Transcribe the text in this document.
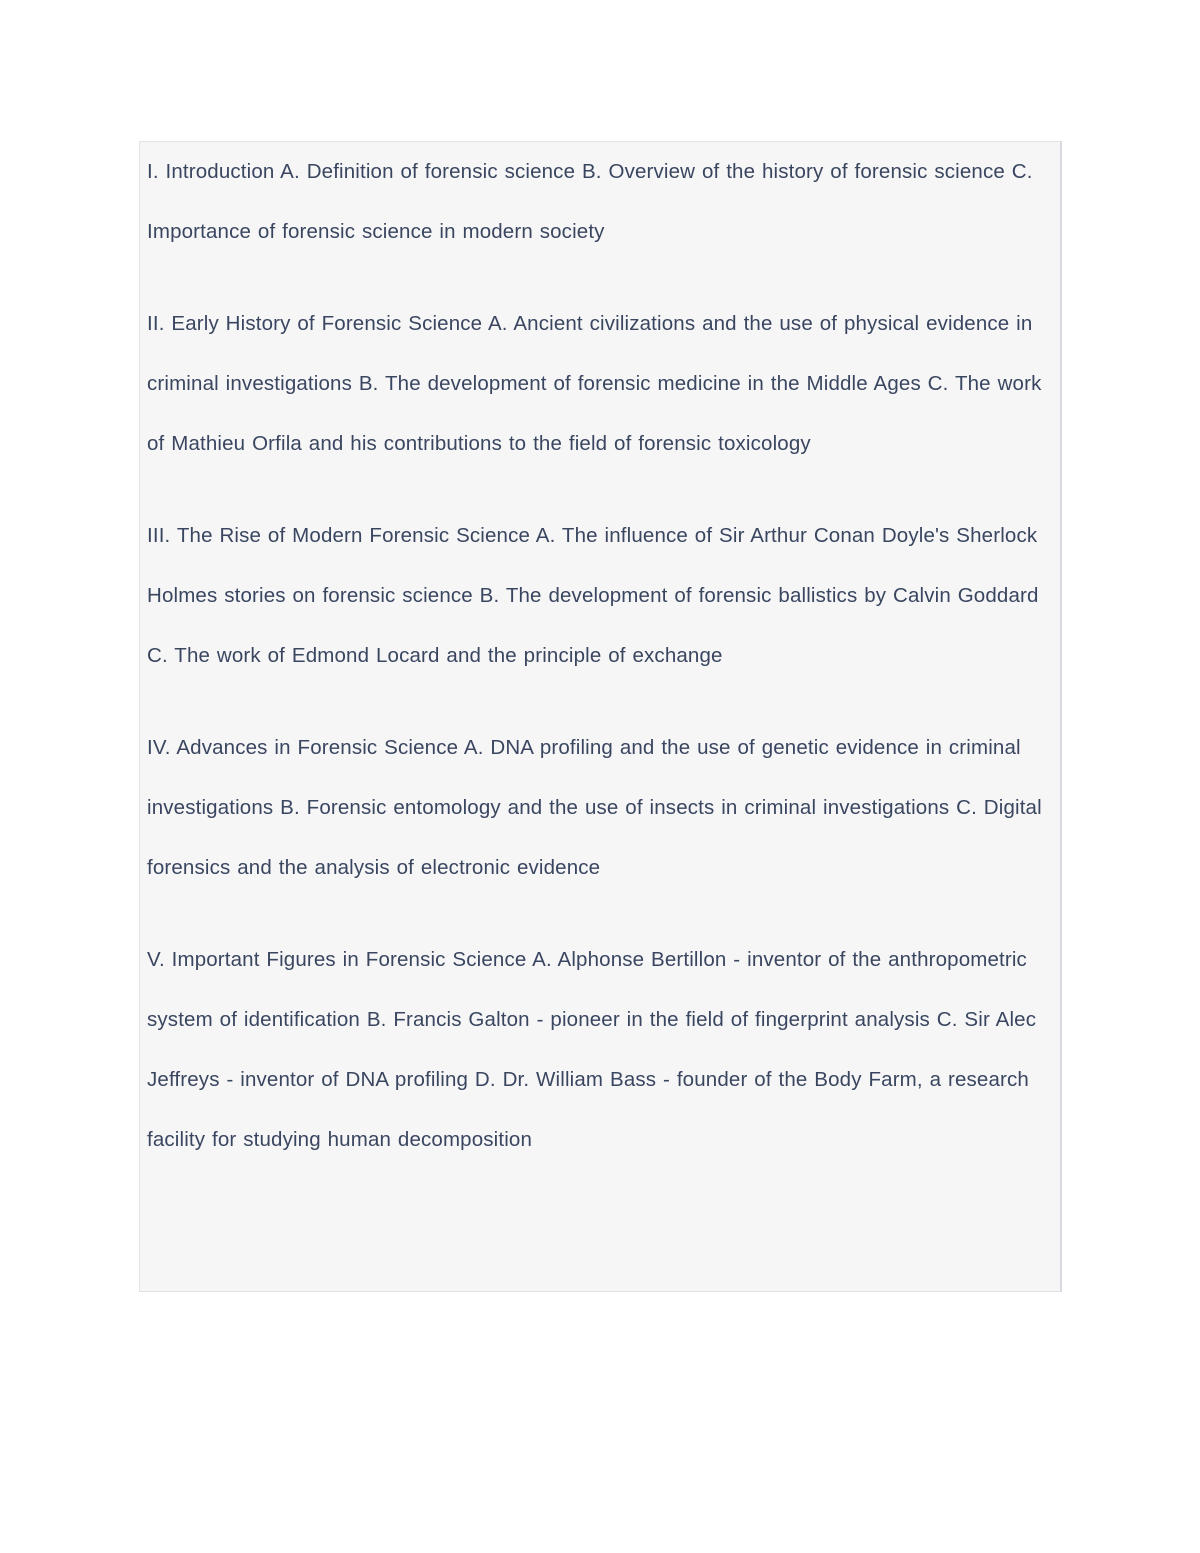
I. Introduction A. Definition of forensic science B. Overview of the history of forensic science C. Importance of forensic science in modern society

II. Early History of Forensic Science A. Ancient civilizations and the use of physical evidence in criminal investigations B. The development of forensic medicine in the Middle Ages C. The work of Mathieu Orfila and his contributions to the field of forensic toxicology

III. The Rise of Modern Forensic Science A. The influence of Sir Arthur Conan Doyle's Sherlock Holmes stories on forensic science B. The development of forensic ballistics by Calvin Goddard C. The work of Edmond Locard and the principle of exchange

IV. Advances in Forensic Science A. DNA profiling and the use of genetic evidence in criminal investigations B. Forensic entomology and the use of insects in criminal investigations C. Digital forensics and the analysis of electronic evidence

V. Important Figures in Forensic Science A. Alphonse Bertillon - inventor of the anthropometric system of identification B. Francis Galton - pioneer in the field of fingerprint analysis C. Sir Alec Jeffreys - inventor of DNA profiling D. Dr. William Bass - founder of the Body Farm, a research facility for studying human decomposition
